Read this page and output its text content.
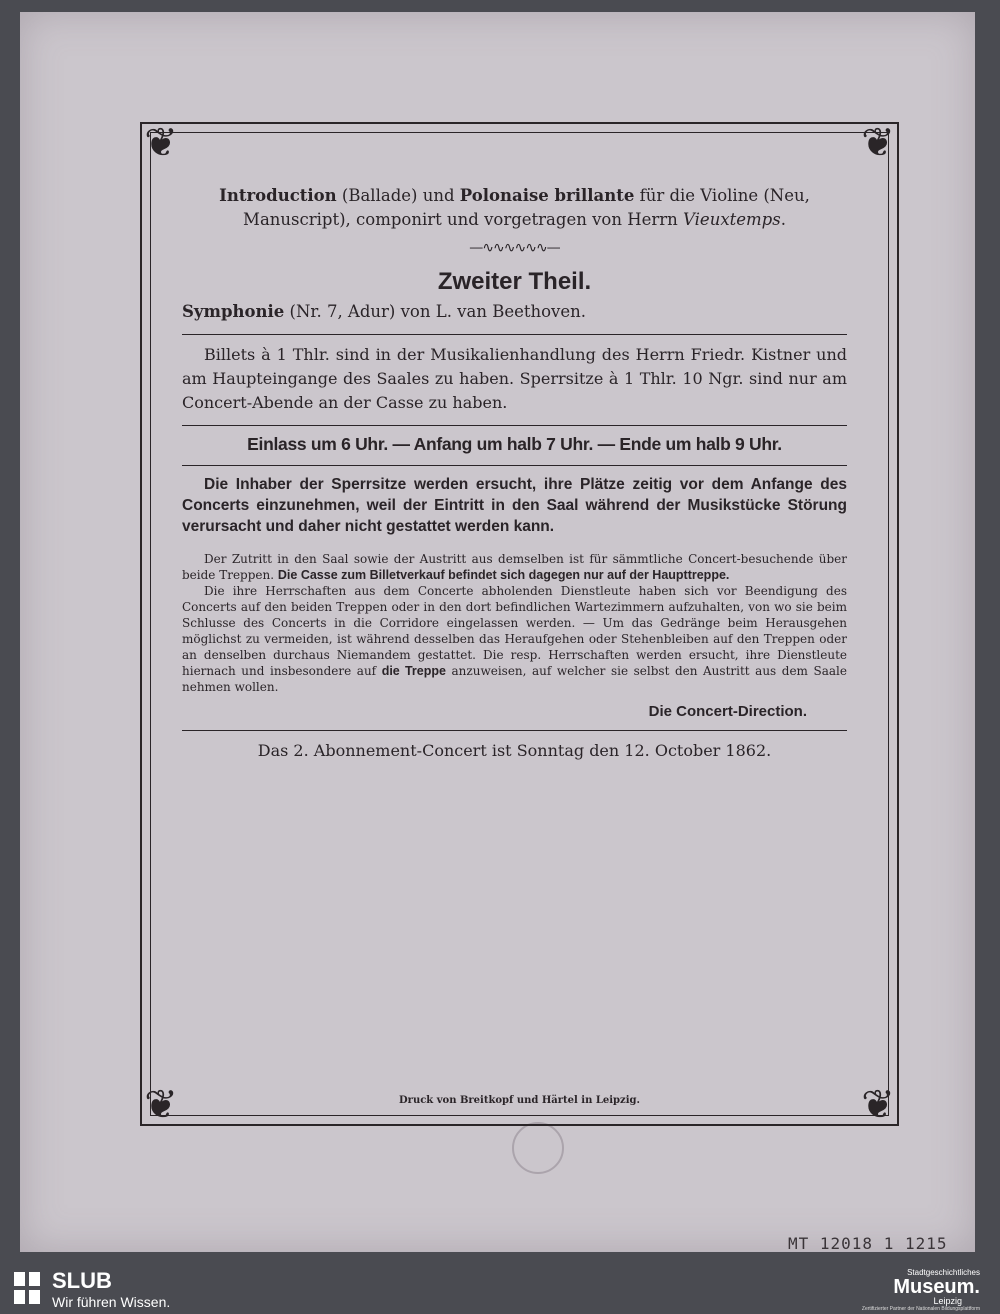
❦	❦
❦	❦
Introduction (Ballade) und Polonaise brillante für die Violine (Neu, Manuscript), componirt und vorgetragen von Herrn Vieuxtemps.
—∿∿∿∿∿∿—
Zweiter Theil.
Symphonie (Nr. 7, Adur) von L. van Beethoven.
Billets à 1 Thlr. sind in der Musikalienhandlung des Herrn Friedr. Kistner und am Haupteingange des Saales zu haben. Sperrsitze à 1 Thlr. 10 Ngr. sind nur am Concert-Abende an der Casse zu haben.
Einlass um 6 Uhr. — Anfang um halb 7 Uhr. — Ende um halb 9 Uhr.
Die Inhaber der Sperrsitze werden ersucht, ihre Plätze zeitig vor dem Anfange des Concerts einzunehmen, weil der Eintritt in den Saal während der Musikstücke Störung verursacht und daher nicht gestattet werden kann.

Der Zutritt in den Saal sowie der Austritt aus demselben ist für sämmtliche Concert-besuchende über beide Treppen. Die Casse zum Billetverkauf befindet sich dagegen nur auf der Haupttreppe.

Die ihre Herrschaften aus dem Concerte abholenden Dienstleute haben sich vor Beendigung des Concerts auf den beiden Treppen oder in den dort befindlichen Wartezimmern aufzuhalten, von wo sie beim Schlusse des Concerts in die Corridore eingelassen werden. — Um das Gedränge beim Herausgehen möglichst zu vermeiden, ist während desselben das Heraufgehen oder Stehenbleiben auf den Treppen oder an denselben durchaus Niemandem gestattet. Die resp. Herrschaften werden ersucht, ihre Dienstleute hiernach und insbesondere auf die Treppe anzuweisen, auf welcher sie selbst den Austritt aus dem Saale nehmen wollen.

Die Concert-Direction.
Das 2. Abonnement-Concert ist Sonntag den 12. October 1862.
Druck von Breitkopf und Härtel in Leipzig.
MT 12018 1 1215
SLUB
Wir führen Wissen.
Stadtgeschichtliches
Museum.
Leipzig
Zertifizierter Partner der Nationalen Bildungsplattform
